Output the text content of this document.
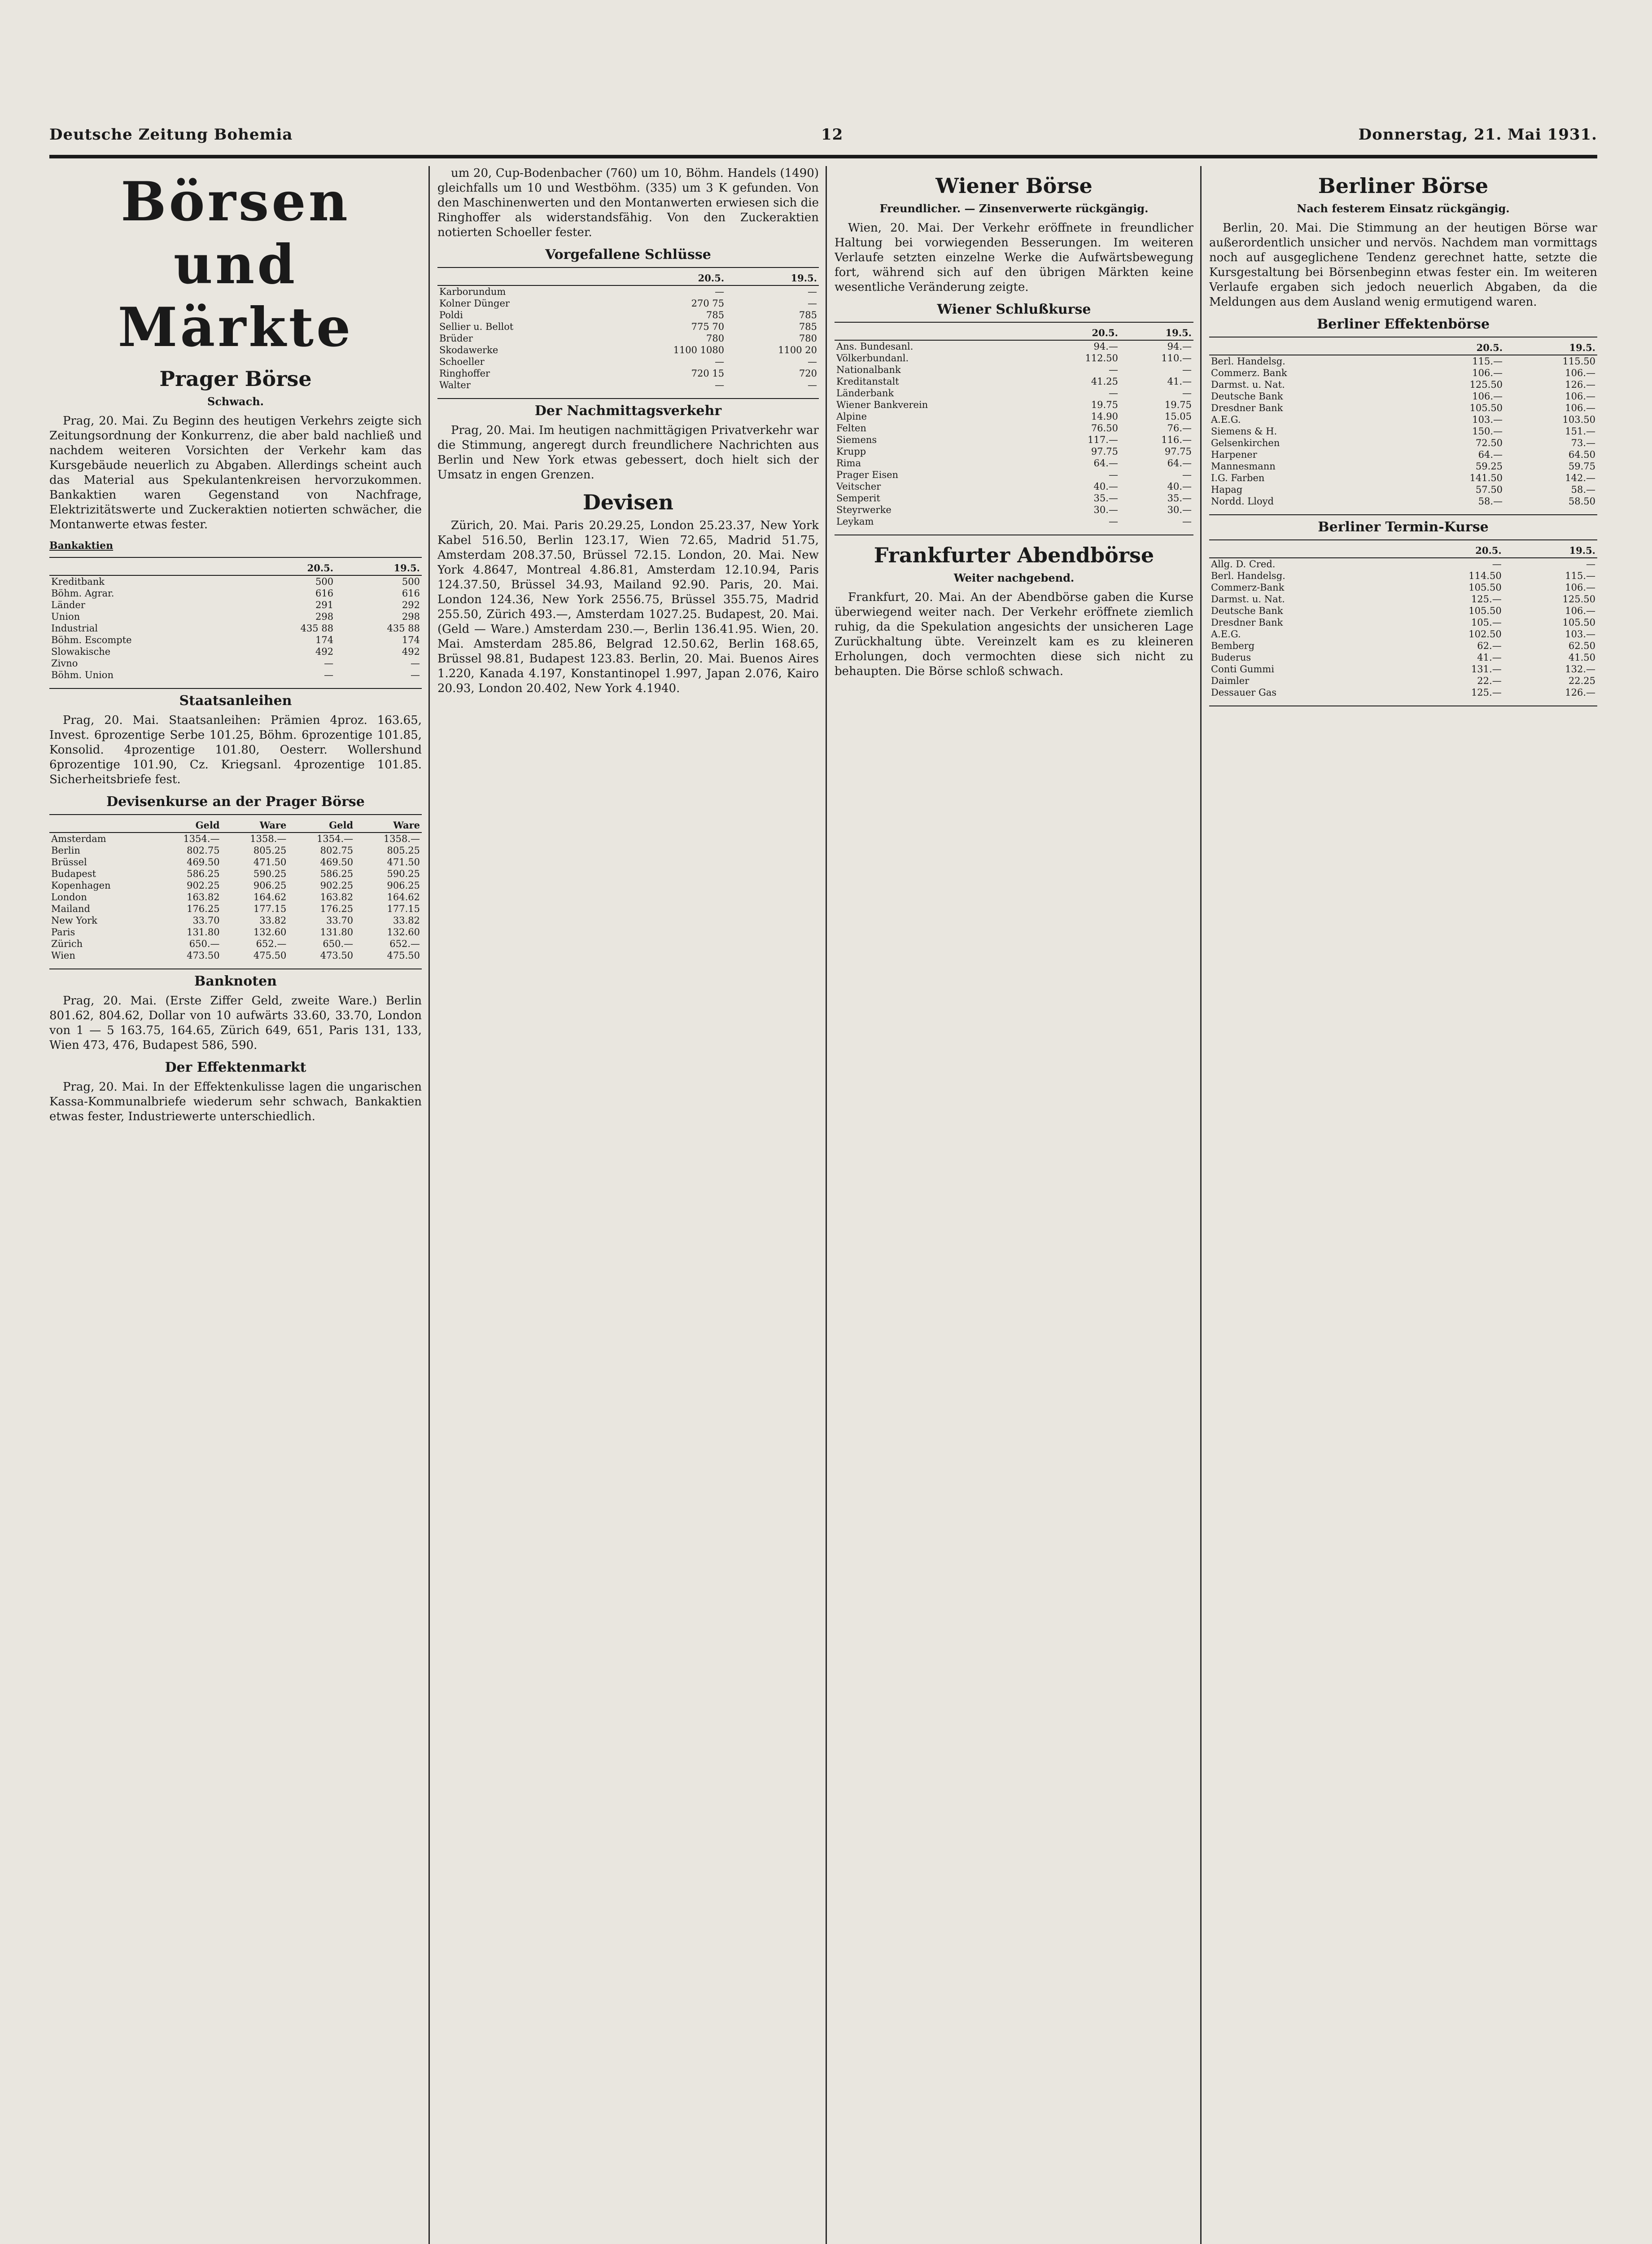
Deutsche Zeitung Bohemia	12	Donnerstag, 21. Mai 1931.
Börsen und Märkte
Prager Börse
Schwach.

Prag, 20. Mai. Zu Beginn des heutigen Verkehrs zeigte sich Zeitungsordnung der Konkurrenz, die aber bald nachließ und nachdem weiteren Vorsichten der Verkehr kam das Kursgebäude neuerlich zu Abgaben. Allerdings scheint auch das Material aus Spekulantenkreisen hervorzukommen. Bankaktien waren Gegenstand von Nachfrage, Elektrizitätswerte und Zuckeraktien notierten schwächer, die Montanwerte etwas fester.

Bankaktien
	20.5.	19.5.
Kreditbank	500	500
Böhm. Agrar.	616	616
Länder	291	292
Union	298	298
Industrial	435 88	435 88
Böhm. Escompte	174	174
Slowakische	492	492
Zivno	—	—
Böhm. Union	—	—
Staatsanleihen

Prag, 20. Mai. Staatsanleihen: Prämien 4proz. 163.65, Invest. 6prozentige Serbe 101.25, Böhm. 6prozentige 101.85, Konsolid. 4prozentige 101.80, Oesterr. Wollershund 6prozentige 101.90, Cz. Kriegsanl. 4prozentige 101.85. Sicherheitsbriefe fest.

Devisenkurse an der Prager Börse
	Geld	Ware	Geld	Ware
Amsterdam	1354.—	1358.—	1354.—	1358.—
Berlin	802.75	805.25	802.75	805.25
Brüssel	469.50	471.50	469.50	471.50
Budapest	586.25	590.25	586.25	590.25
Kopenhagen	902.25	906.25	902.25	906.25
London	163.82	164.62	163.82	164.62
Mailand	176.25	177.15	176.25	177.15
New York	33.70	33.82	33.70	33.82
Paris	131.80	132.60	131.80	132.60
Zürich	650.—	652.—	650.—	652.—
Wien	473.50	475.50	473.50	475.50
Banknoten

Prag, 20. Mai. (Erste Ziffer Geld, zweite Ware.) Berlin 801.62, 804.62, Dollar von 10 aufwärts 33.60, 33.70, London von 1 — 5 163.75, 164.65, Zürich 649, 651, Paris 131, 133, Wien 473, 476, Budapest 586, 590.

Der Effektenmarkt

Prag, 20. Mai. In der Effektenkulisse lagen die ungarischen Kassa-Kommunalbriefe wiederum sehr schwach, Bankaktien etwas fester, Industriewerte unterschiedlich.

um 20, Cup-Bodenbacher (760) um 10, Böhm. Handels (1490) gleichfalls um 10 und Westböhm. (335) um 3 K gefunden. Von den Maschinenwerten und den Montanwerten erwiesen sich die Ringhoffer als widerstandsfähig. Von den Zuckeraktien notierten Schoeller fester.

Vorgefallene Schlüsse
	20.5.	19.5.
Karborundum	—	—
Kolner Dünger	270 75	—
Poldi	785	785
Sellier u. Bellot	775 70	785
Brüder	780	780
Skodawerke	1100 1080	1100 20
Schoeller	—	—
Ringhoffer	720 15	720
Walter	—	—
Der Nachmittagsverkehr

Prag, 20. Mai. Im heutigen nachmittägigen Privatverkehr war die Stimmung, angeregt durch freundlichere Nachrichten aus Berlin und New York etwas gebessert, doch hielt sich der Umsatz in engen Grenzen.

Devisen

Zürich, 20. Mai. Paris 20.29.25, London 25.23.37, New York Kabel 516.50, Berlin 123.17, Wien 72.65, Madrid 51.75, Amsterdam 208.37.50, Brüssel 72.15. London, 20. Mai. New York 4.8647, Montreal 4.86.81, Amsterdam 12.10.94, Paris 124.37.50, Brüssel 34.93, Mailand 92.90. Paris, 20. Mai. London 124.36, New York 2556.75, Brüssel 355.75, Madrid 255.50, Zürich 493.—, Amsterdam 1027.25. Budapest, 20. Mai. (Geld — Ware.) Amsterdam 230.—, Berlin 136.41.95. Wien, 20. Mai. Amsterdam 285.86, Belgrad 12.50.62, Berlin 168.65, Brüssel 98.81, Budapest 123.83. Berlin, 20. Mai. Buenos Aires 1.220, Kanada 4.197, Konstantinopel 1.997, Japan 2.076, Kairo 20.93, London 20.402, New York 4.1940.

Wiener Börse
Freundlicher. — Zinsenverwerte rückgängig.

Wien, 20. Mai. Der Verkehr eröffnete in freundlicher Haltung bei vorwiegenden Besserungen. Im weiteren Verlaufe setzten einzelne Werke die Aufwärtsbewegung fort, während sich auf den übrigen Märkten keine wesentliche Veränderung zeigte.

Wiener Schlußkurse
	20.5.	19.5.
Ans. Bundesanl.	94.—	94.—
Völkerbundanl.	112.50	110.—
Nationalbank	—	—
Kreditanstalt	41.25	41.—
Länderbank	—	—
Wiener Bankverein	19.75	19.75
Alpine	14.90	15.05
Felten	76.50	76.—
Siemens	117.—	116.—
Krupp	97.75	97.75
Rima	64.—	64.—
Prager Eisen	—	—
Veitscher	40.—	40.—
Semperit	35.—	35.—
Steyrwerke	30.—	30.—
Leykam	—	—
Frankfurter Abendbörse
Weiter nachgebend.

Frankfurt, 20. Mai. An der Abendbörse gaben die Kurse überwiegend weiter nach. Der Verkehr eröffnete ziemlich ruhig, da die Spekulation angesichts der unsicheren Lage Zurückhaltung übte. Vereinzelt kam es zu kleineren Erholungen, doch vermochten diese sich nicht zu behaupten. Die Börse schloß schwach.

Berliner Börse
Nach festerem Einsatz rückgängig.

Berlin, 20. Mai. Die Stimmung an der heutigen Börse war außerordentlich unsicher und nervös. Nachdem man vormittags noch auf ausgeglichene Tendenz gerechnet hatte, setzte die Kursgestaltung bei Börsenbeginn etwas fester ein. Im weiteren Verlaufe ergaben sich jedoch neuerlich Abgaben, da die Meldungen aus dem Ausland wenig ermutigend waren.

Berliner Effektenbörse
	20.5.	19.5.
Berl. Handelsg.	115.—	115.50
Commerz. Bank	106.—	106.—
Darmst. u. Nat.	125.50	126.—
Deutsche Bank	106.—	106.—
Dresdner Bank	105.50	106.—
A.E.G.	103.—	103.50
Siemens & H.	150.—	151.—
Gelsenkirchen	72.50	73.—
Harpener	64.—	64.50
Mannesmann	59.25	59.75
I.G. Farben	141.50	142.—
Hapag	57.50	58.—
Nordd. Lloyd	58.—	58.50
Berliner Termin-Kurse
	20.5.	19.5.
Allg. D. Cred.	—	—
Berl. Handelsg.	114.50	115.—
Commerz-Bank	105.50	106.—
Darmst. u. Nat.	125.—	125.50
Deutsche Bank	105.50	106.—
Dresdner Bank	105.—	105.50
A.E.G.	102.50	103.—
Bemberg	62.—	62.50
Buderus	41.—	41.50
Conti Gummi	131.—	132.—
Daimler	22.—	22.25
Dessauer Gas	125.—	126.—
